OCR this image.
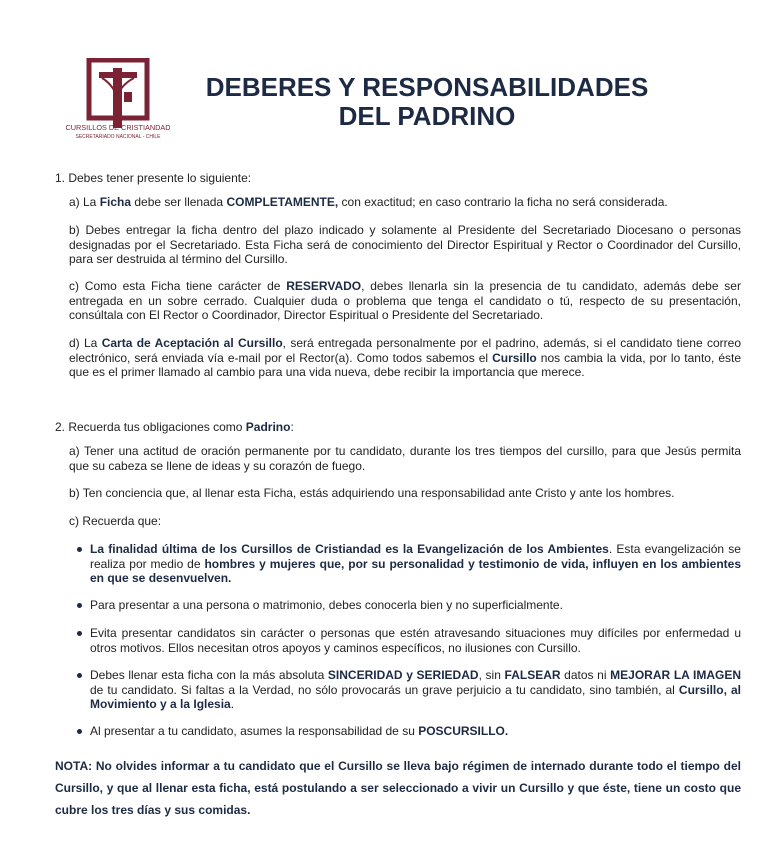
CURSILLOS DE CRISTIANDAD
SECRETARIADO NACIONAL - CHILE
DEBERES Y RESPONSABILIDADES
DEL PADRINO
1. Debes tener presente lo siguiente:
a) La Ficha debe ser llenada COMPLETAMENTE, con exactitud; en caso contrario la ficha no será considerada.
b) Debes entregar la ficha dentro del plazo indicado y solamente al Presidente del Secretariado Diocesano o personas designadas por el Secretariado. Esta Ficha será de conocimiento del Director Espiritual y Rector o Coordinador del Cursillo, para ser destruida al término del Cursillo.
c) Como esta Ficha tiene carácter de RESERVADO, debes llenarla sin la presencia de tu candidato, además debe ser entregada en un sobre cerrado. Cualquier duda o problema que tenga el candidato o tú, respecto de su presentación, consúltala con El Rector o Coordinador, Director Espiritual o Presidente del Secretariado.
d) La Carta de Aceptación al Cursillo, será entregada personalmente por el padrino, además, si el candidato tiene correo electrónico, será enviada vía e-mail por el Rector(a). Como todos sabemos el Cursillo nos cambia la vida, por lo tanto, éste que es el primer llamado al cambio para una vida nueva, debe recibir la importancia que merece.
2. Recuerda tus obligaciones como Padrino:
a) Tener una actitud de oración permanente por tu candidato, durante los tres tiempos del cursillo, para que Jesús permita que su cabeza se llene de ideas y su corazón de fuego.
b) Ten conciencia que, al llenar esta Ficha, estás adquiriendo una responsabilidad ante Cristo y ante los hombres.
c) Recuerda que:
La finalidad última de los Cursillos de Cristiandad es la Evangelización de los Ambientes. Esta evangelización se realiza por medio de hombres y mujeres que, por su personalidad y testimonio de vida, influyen en los ambientes en que se desenvuelven.
Para presentar a una persona o matrimonio, debes conocerla bien y no superficialmente.
Evita presentar candidatos sin carácter o personas que estén atravesando situaciones muy difíciles por enfermedad u otros motivos. Ellos necesitan otros apoyos y caminos específicos, no ilusiones con Cursillo.
Debes llenar esta ficha con la más absoluta SINCERIDAD y SERIEDAD, sin FALSEAR datos ni MEJORAR LA IMAGEN de tu candidato. Si faltas a la Verdad, no sólo provocarás un grave perjuicio a tu candidato, sino también, al Cursillo, al Movimiento y a la Iglesia.
Al presentar a tu candidato, asumes la responsabilidad de su POSCURSILLO.
NOTA: No olvides informar a tu candidato que el Cursillo se lleva bajo régimen de internado durante todo el tiempo del Cursillo, y que al llenar esta ficha, está postulando a ser seleccionado a vivir un Cursillo y que éste, tiene un costo que cubre los tres días y sus comidas.
